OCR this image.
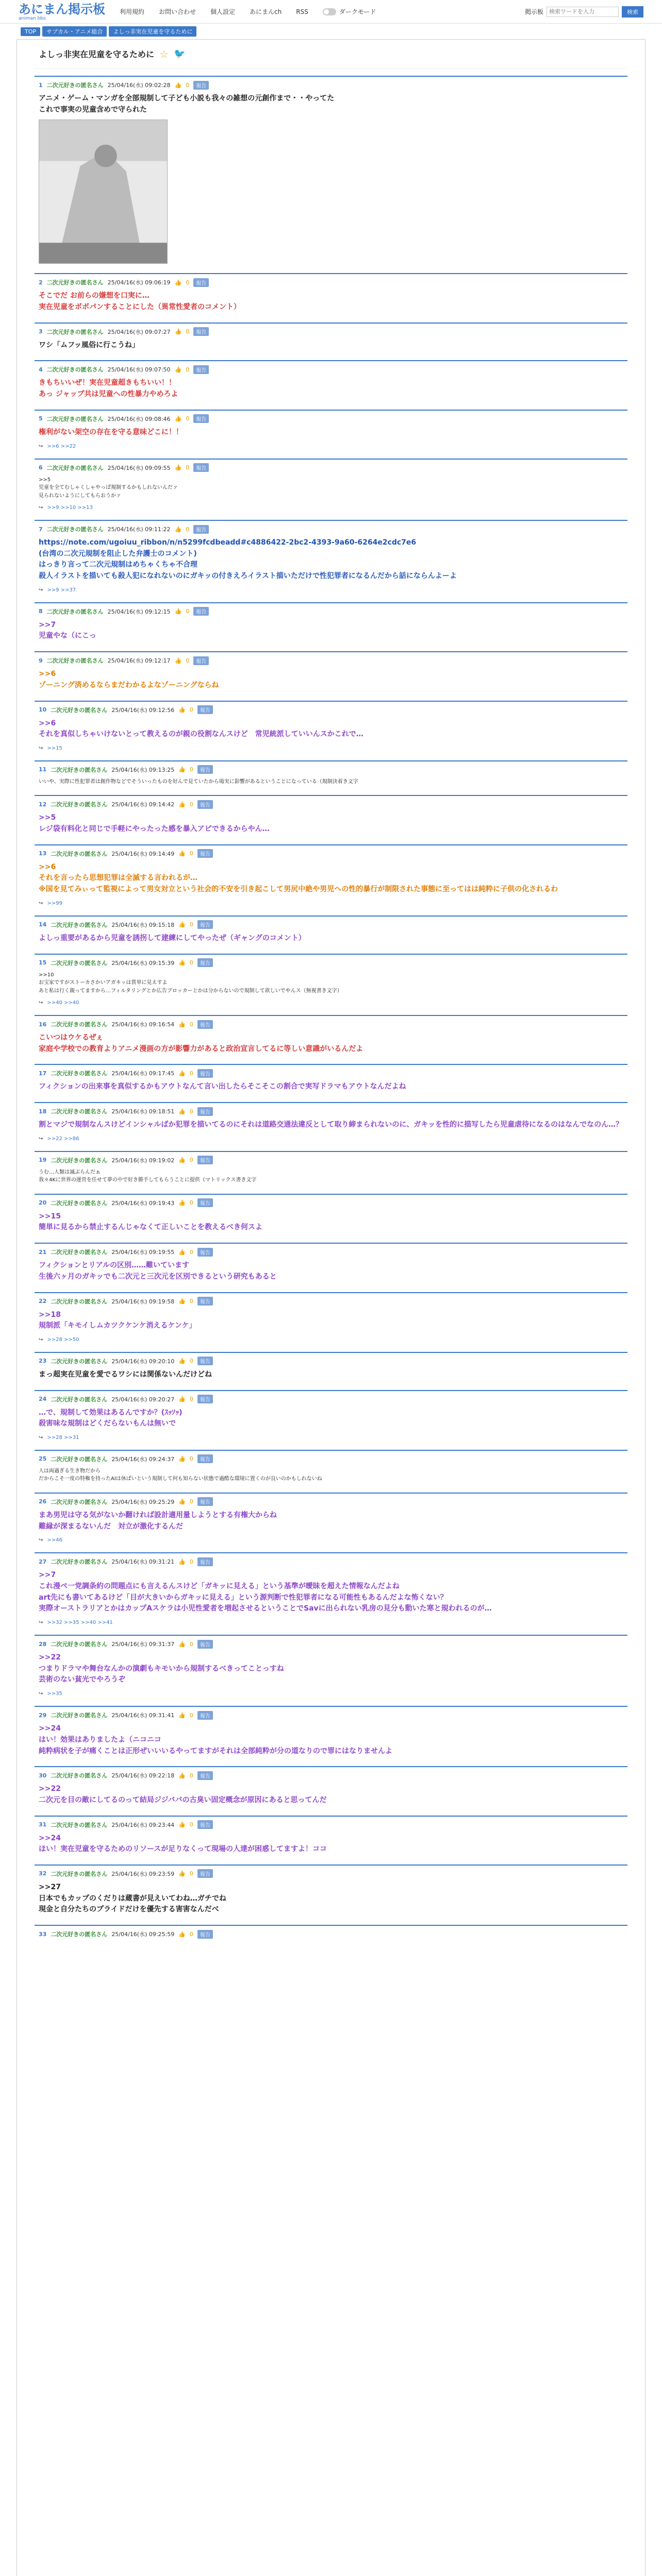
あにまん掲示板
animan bbs
利用規約 お問い合わせ 個人設定 あにまんch RSS	ダークモード	掲示板
検索ワードを入力	検索
TOP	サブカル・アニメ総合	よしっ非実在児童を守るために
よしっ非実在児童を守るために ☆ 🐦
1 二次元好きの匿名さん 25/04/16(水) 09:02:28 👍 0	報告

アニメ・ゲーム・マンガを全部規制して子ども小説も我々の雑想の元創作まで・・やってた

これで事実の児童含めで守られた

2 二次元好きの匿名さん 25/04/16(水) 09:06:19 👍 0	報告

そこでだ お前らの嫌想を口実に…

実在児童をボボパンすることにした（異常性愛者のコメント）

3 二次元好きの匿名さん 25/04/16(水) 09:07:27 👍 0	報告

ワシ「ムフッ風俗に行こうね」

4 二次元好きの匿名さん 25/04/16(水) 09:07:50 👍 0	報告

きもちいいぜ！実在児童超きもちいい！！

あっ ジャップ共は児童への性暴力やめろよ

5 二次元好きの匿名さん 25/04/16(水) 09:08:46 👍 0	報告

権利がない架空の存在を守る意味どこに！！

↪ >>6 >>22
6 二次元好きの匿名さん 25/04/16(水) 09:09:55 👍 0	報告

>>5

児童を全てむしゃくしゃやっぱ規制するかもしれないんだァ

見られないようにしてもらおうかァ

↪ >>9 >>10 >>13
7 二次元好きの匿名さん 25/04/16(水) 09:11:22 👍 0	報告

https://note.com/ugoiuu_ribbon/n/n5299fcdbeadd#c4886422-2bc2-4393-9a60-6264e2cdc7e6

(台湾の二次元規制を阻止した弁護士のコメント)

はっきり言って二次元規制はめちゃくちゃ不合理

殺人イラストを描いても殺人犯になれないのにガキッの付きえろイラスト描いただけで性犯罪者になるんだから話にならんよーよ

↪ >>9 >>37
8 二次元好きの匿名さん 25/04/16(水) 09:12:15 👍 0	報告

>>7

児童やな（にこっ

9 二次元好きの匿名さん 25/04/16(水) 09:12:17 👍 0	報告

>>6

ゾーニング済めるならまだわかるよなゾーニングならね

10 二次元好きの匿名さん 25/04/16(水) 09:12:56 👍 0	報告

>>6

それを真似しちゃいけないとって教えるのが親の役割なんスけど　常児統派していいんスかこれで…

↪ >>15
11 二次元好きの匿名さん 25/04/16(水) 09:13:25 👍 0	報告

いいや、実際に性犯罪者は創作物などでそういったものを好んで見ていたから場実に影響があるということになっている（規制決着き文字

12 二次元好きの匿名さん 25/04/16(水) 09:14:42 👍 0	報告

>>5

レジ袋有料化と同じで手軽にやったった感を暴入アピできるからやん…

13 二次元好きの匿名さん 25/04/16(水) 09:14:49 👍 0	報告

>>6

それを言ったら思想犯罪は全滅する言われるが…

※国を見てみぃって監視によって男女対立という社会的不安を引き起こして男尻中絶や男児への性的暴行が制限された事態に至ってはは純粋に子供の化されるわ

↪ >>99
14 二次元好きの匿名さん 25/04/16(水) 09:15:18 👍 0	報告

よしっ重要があるから児童を誘拐して建練にしてやったぜ（ギャングのコメント）

15 二次元好きの匿名さん 25/04/16(水) 09:15:39 👍 0	報告

>>10

お宝家ですがストーカさかいアガキッは賞単に見えすよ

あと私は行く親ってますから…フィルタリングとか広告ブロッカーとかは分からないので規制して欲しいでやんス（無視書き文字）

↪ >>40 >>40
16 二次元好きの匿名さん 25/04/16(水) 09:16:54 👍 0	報告

こいつはウケるぜぇ

家庭や学校での教育よりアニメ漫画の方が影響力があると政治宣言してるに等しい意識がいるんだよ

17 二次元好きの匿名さん 25/04/16(水) 09:17:45 👍 0	報告

フィクションの出来事を真似するかもアウトなんて言い出したらそこそこの割合で実写ドラマもアウトなんだよね

18 二次元好きの匿名さん 25/04/16(水) 09:18:51 👍 0	報告

割とマジで規制なんスけどインシャルばか犯罪を描いてるのにそれは道路交通法違反として取り締まられないのに、ガキッを性的に描写したら児童虐待になるのはなんでなのん…？

↪ >>22 >>86
19 二次元好きの匿名さん 25/04/16(水) 09:19:02 👍 0	報告

うむ…人類は滅ぶらんだぁ

我々4Kに世界の運営を任せて夢の中で好き勝手してもらうことに提供（マトリックス書き文字

20 二次元好きの匿名さん 25/04/16(水) 09:19:43 👍 0	報告

>>15

簡単に見るから禁止するんじゃなくて正しいことを教えるべき何スよ

21 二次元好きの匿名さん 25/04/16(水) 09:19:55 👍 0	報告

フィクションとリアルの区別……難いています

生後六ヶ月のガキッでも二次元と三次元を区別できるという研究もあると

22 二次元好きの匿名さん 25/04/16(水) 09:19:58 👍 0	報告

>>18

規制派「キモイしムカツクケンケ消えるケンケ」

↪ >>28 >>50
23 二次元好きの匿名さん 25/04/16(水) 09:20:10 👍 0	報告

まっ超実在児童を愛でるワシには関係ないんだけどね

24 二次元好きの匿名さん 25/04/16(水) 09:20:27 👍 0	報告

…で、規制して効果はあるんですか？(ｽｯｿｯ)

殺害味な規制はどくだらないもんは無いで

↪ >>28 >>31
25 二次元好きの匿名さん 25/04/16(水) 09:24:37 👍 0	報告

人は両過ぎる生き物だから

だからこそ一度の特権を持ったAIは休ぱいという規制して何も知らない状態で過酷な環境に置くのが良いのかもしれないね

26 二次元好きの匿名さん 25/04/16(水) 09:25:29 👍 0	報告

まあ男児は守る気がないか翻ければ設計適用量しようとする有権大からね

難縁が深まるないんだ　対立が激化するんだ

↪ >>46
27 二次元好きの匿名さん 25/04/16(水) 09:31:21 👍 0	報告

>>7

これ漫ペ一党調条約の問題点にも言えるんスけど「ガキッに見える」という基準が曖昧を超えた情報なんだよね

art先にも書いてあるけど「目が大きいからガキッに見える」という源判断で性犯罪者になる可能性もあるんだよな怖くない？

実際オーストラリアとかはカップAスケラは小児性愛者を増起させるということでSavに出られない乳房の見分も動いた寒と規われるのが…

↪ >>32 >>35 >>40 >>41
28 二次元好きの匿名さん 25/04/16(水) 09:31:37 👍 0	報告

>>22

つまりドラマや舞台なんかの演劇もキモいから規制するべきってことっすね

芸術のない貧光でやろうぞ

↪ >>35
29 二次元好きの匿名さん 25/04/16(水) 09:31:41 👍 0	報告

>>24

はい！効果はありましたよ（ニコニコ

純粋病状を子が痛くことは正形ぜいいいるやってますがそれは全部純粋が分の道なりので罪にはなりませんよ

30 二次元好きの匿名さん 25/04/16(水) 09:22:18 👍 0	報告

>>22

二次元を目の敵にしてるのって結局ジジババの古臭い固定概念が原因にあると思ってんだ

31 二次元好きの匿名さん 25/04/16(水) 09:23:44 👍 0	報告

>>24

ほい！実在児童を守るためのリソースが足りなくって現場の人達が困惑してますよ！ココ

32 二次元好きの匿名さん 25/04/16(水) 09:23:59 👍 0	報告

>>27

日本でもカップのくだりは蔵書が見えいてわね…ガチでね

現金と自分たちのプライドだけを優先する害害なんだべ

33 二次元好きの匿名さん 25/04/16(水) 09:25:59 👍 0	報告
